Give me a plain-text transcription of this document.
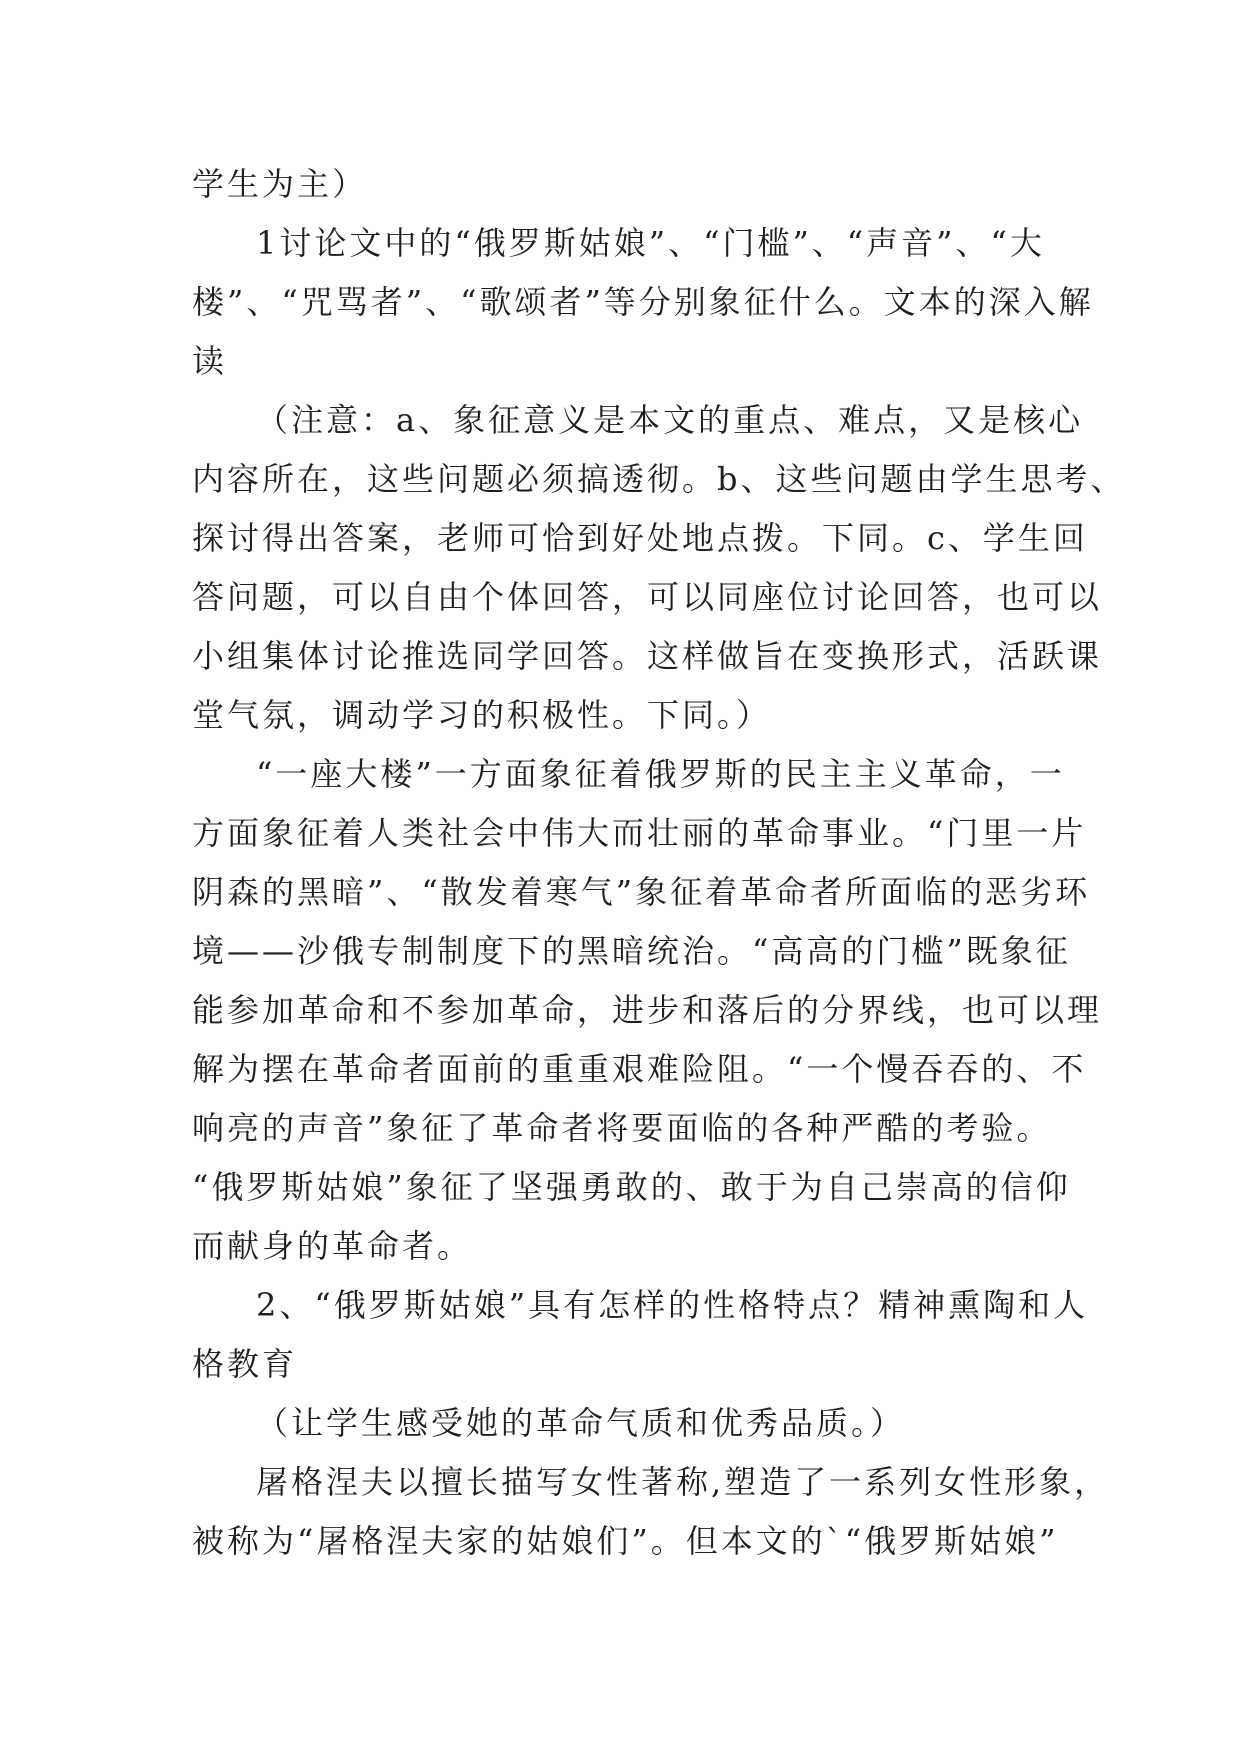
学生为主）
1讨论文中的“俄罗斯姑娘”、“门槛”、“声音”、“大
楼”、“咒骂者”、“歌颂者”等分别象征什么。文本的深入解
读
（注意：a、象征意义是本文的重点、难点，又是核心
内容所在，这些问题必须搞透彻。b、这些问题由学生思考、
探讨得出答案，老师可恰到好处地点拨。下同。c、学生回
答问题，可以自由个体回答，可以同座位讨论回答，也可以
小组集体讨论推选同学回答。这样做旨在变换形式，活跃课
堂气氛，调动学习的积极性。下同。）
“一座大楼”一方面象征着俄罗斯的民主主义革命，一
方面象征着人类社会中伟大而壮丽的革命事业。“门里一片
阴森的黑暗”、“散发着寒气”象征着革命者所面临的恶劣环
境——沙俄专制制度下的黑暗统治。“高高的门槛”既象征
能参加革命和不参加革命，进步和落后的分界线，也可以理
解为摆在革命者面前的重重艰难险阻。“一个慢吞吞的、不
响亮的声音”象征了革命者将要面临的各种严酷的考验。
“俄罗斯姑娘”象征了坚强勇敢的、敢于为自己崇高的信仰
而献身的革命者。
2、“俄罗斯姑娘”具有怎样的性格特点？精神熏陶和人
格教育
（让学生感受她的革命气质和优秀品质。）
屠格涅夫以擅长描写女性著称,塑造了一系列女性形象，
被称为“屠格涅夫家的姑娘们”。但本文的`“俄罗斯姑娘”
